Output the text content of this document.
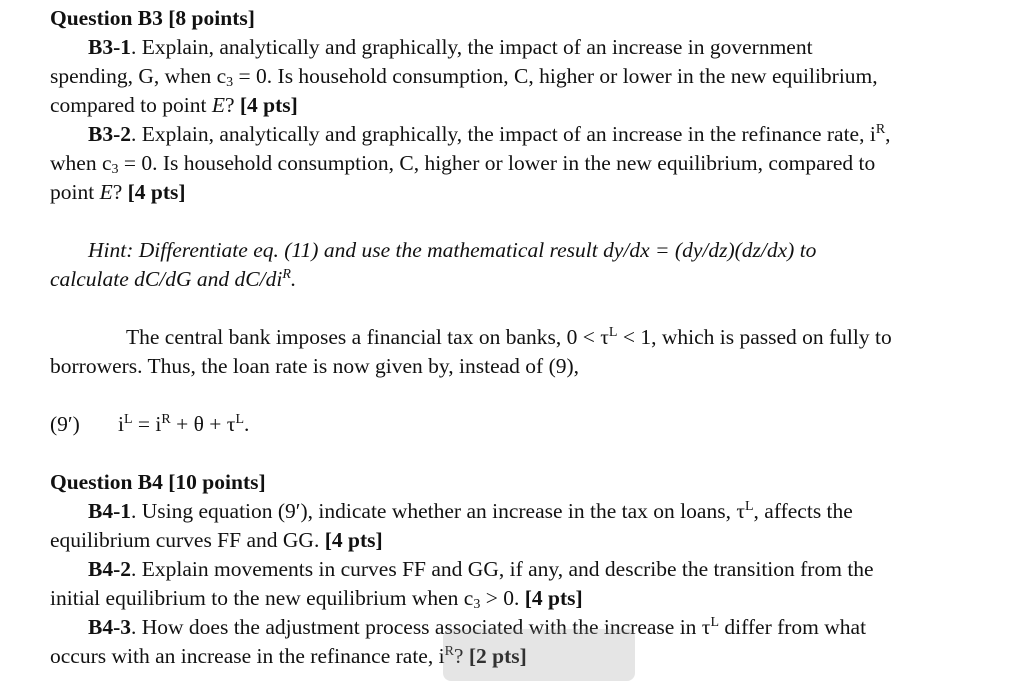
Question B3 [8 points]
B3-1. Explain, analytically and graphically, the impact of an increase in government
spending, G, when $c_3 = 0$. Is household consumption, C, higher or lower in the new equilibrium,
compared to point E? [4 pts]
B3-2. Explain, analytically and graphically, the impact of an increase in the refinance rate, $i^R$,
when $c_3 = 0$. Is household consumption, C, higher or lower in the new equilibrium, compared to
point E? [4 pts]
Hint: Differentiate eq. (11) and use the mathematical result dy/dx = (dy/dz)(dz/dx) to
calculate dC/dG and $dC/di^R$.
The central bank imposes a financial tax on banks, $0 < \tau^L < 1$, which is passed on fully to
borrowers. Thus, the loan rate is now given by, instead of (9),
(9′) $i^L = i^R + \theta + \tau^L$.
Question B4 [10 points]
B4-1. Using equation (9′), indicate whether an increase in the tax on loans, $\tau^L$, affects the
equilibrium curves FF and GG. [4 pts]
B4-2. Explain movements in curves FF and GG, if any, and describe the transition from the
initial equilibrium to the new equilibrium when $c_3 > 0$. [4 pts]
B4-3. How does the adjustment process associated with the increase in $\tau^L$ differ from what
occurs with an increase in the refinance rate, $i^R$? [2 pts]
